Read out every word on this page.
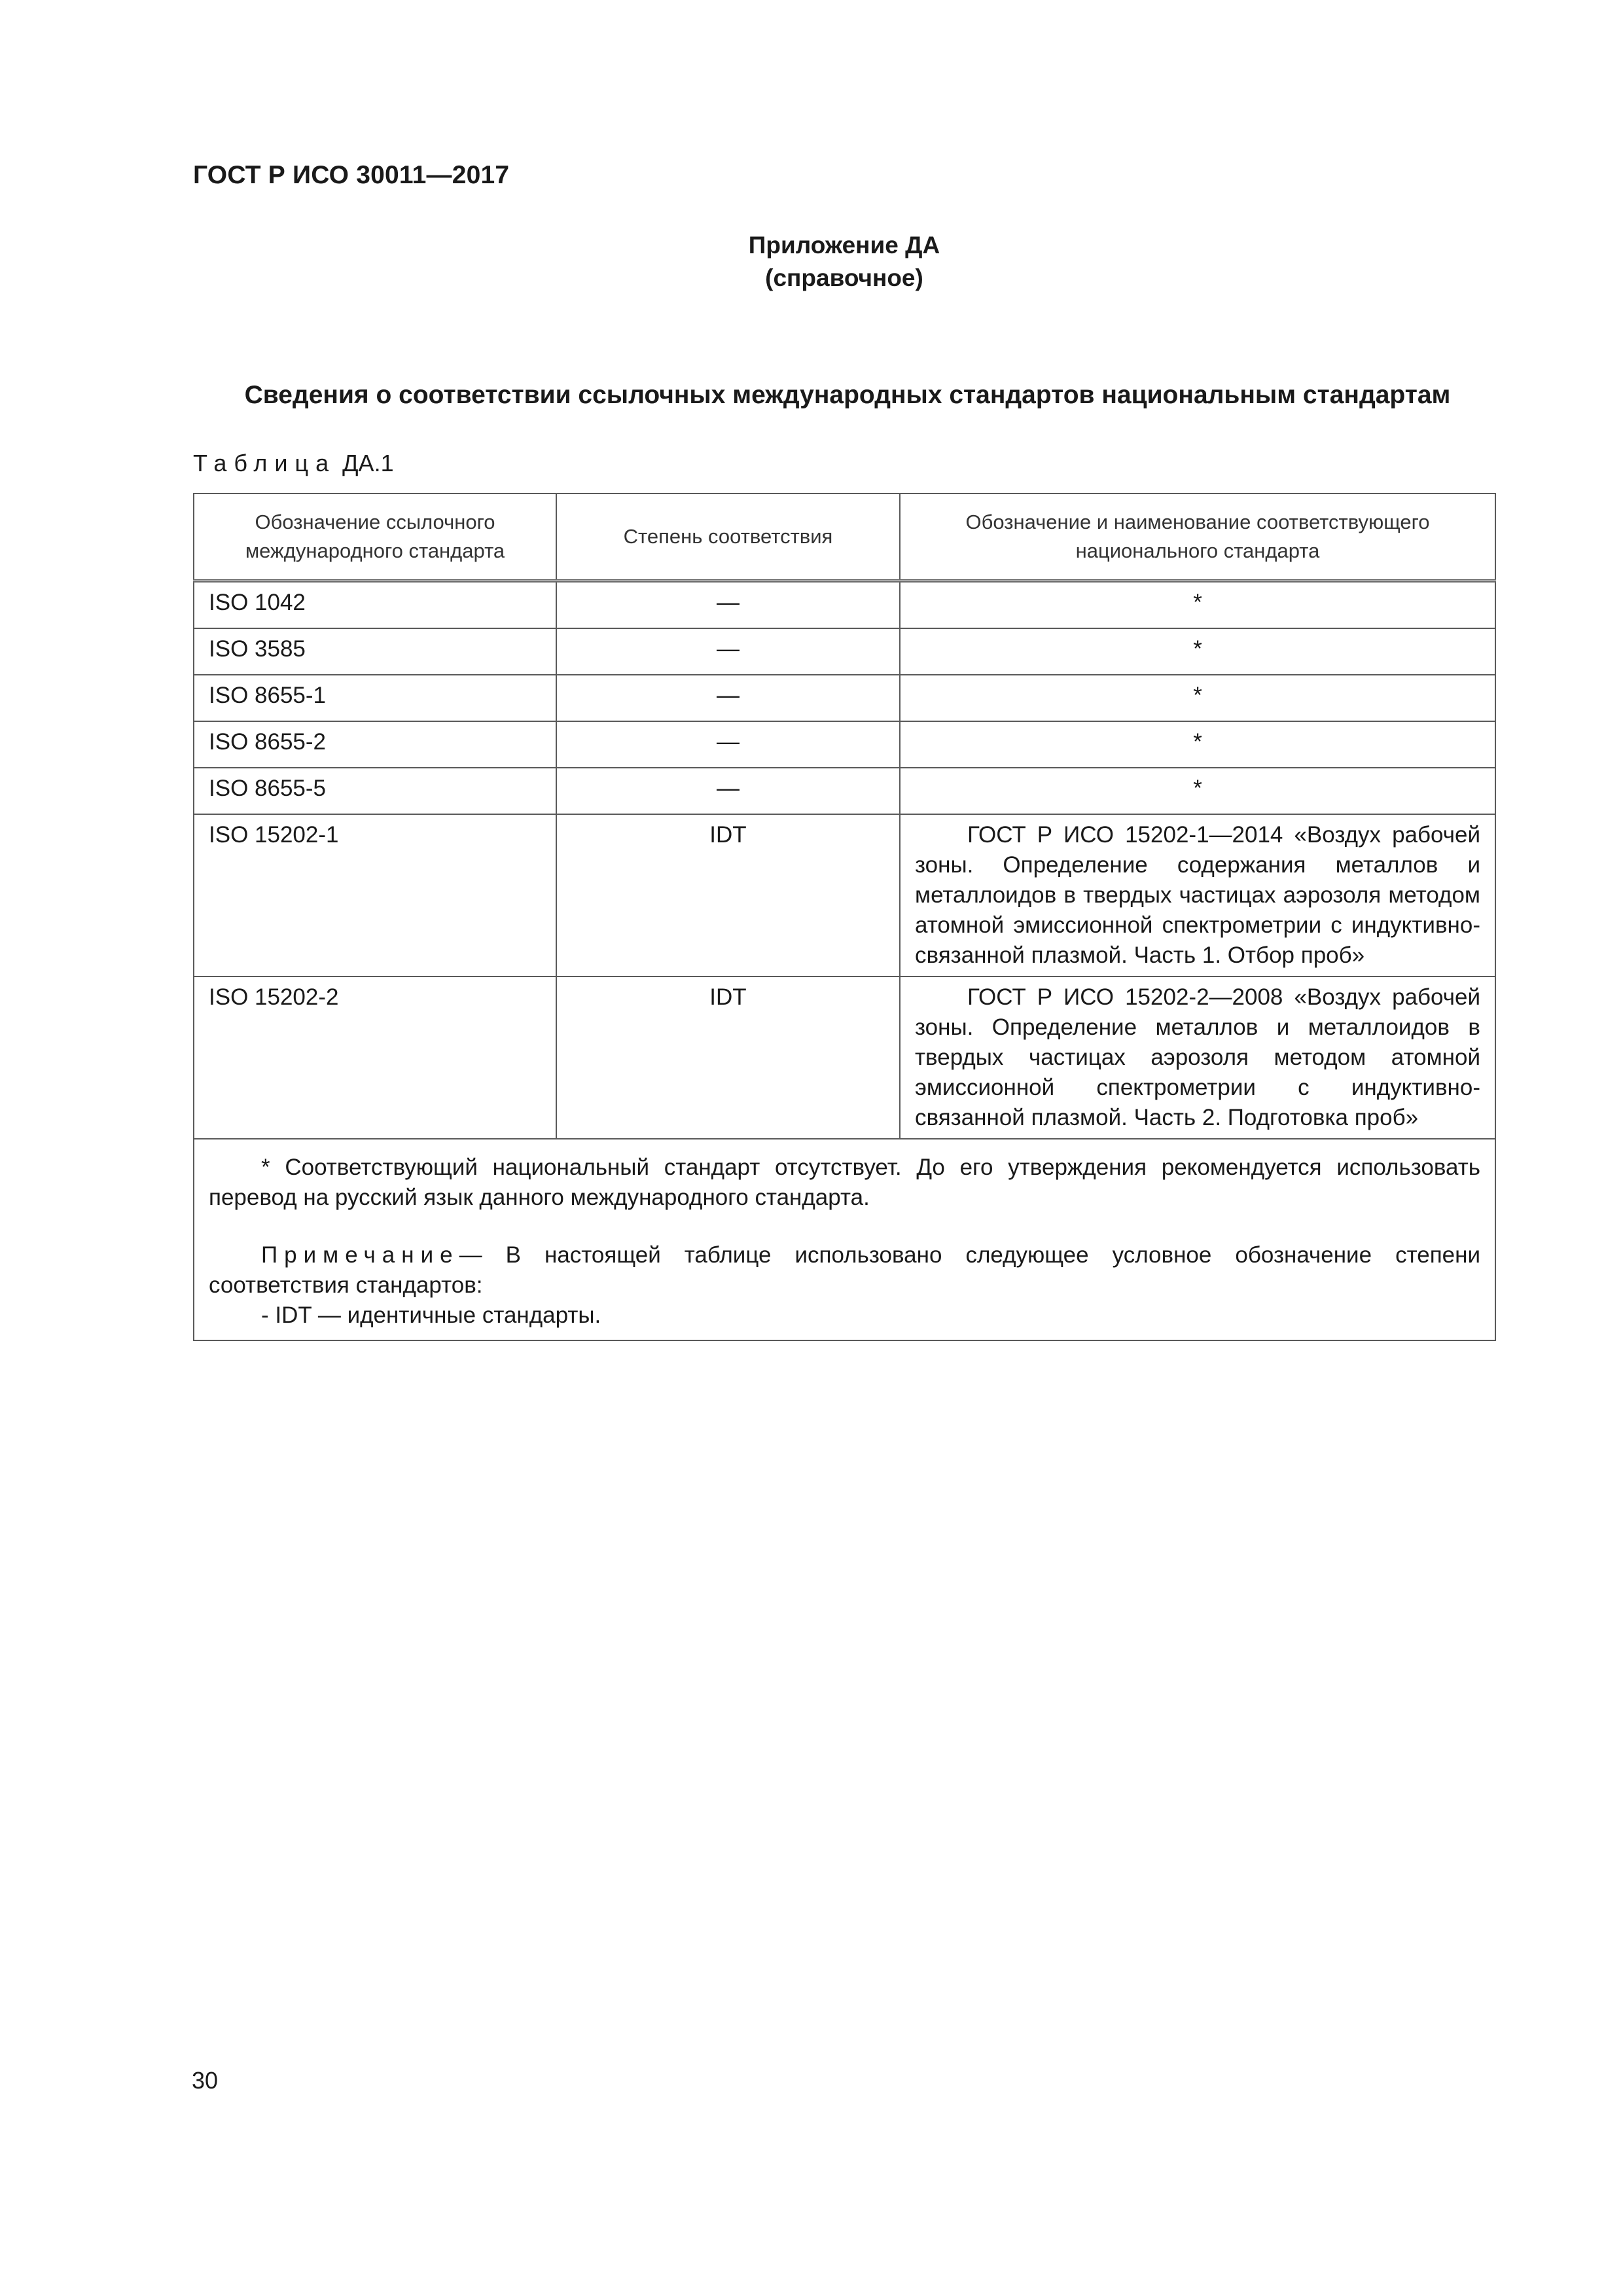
ГОСТ Р ИСО 30011—2017
Приложение ДА
(справочное)
Сведения о соответствии ссылочных международных стандартов национальным стандартам
Таблица ДА.1
Обозначение ссылочного международного стандарта	Степень соответствия	Обозначение и наименование соответствующего национального стандарта
ISO 1042	—	*
ISO 3585	—	*
ISO 8655-1	—	*
ISO 8655-2	—	*
ISO 8655-5	—	*
ISO 15202-1	IDT	ГОСТ Р ИСО 15202-1—2014 «Воздух рабочей зоны. Определение содержания металлов и металлоидов в твердых частицах аэрозоля методом атомной эмиссионной спектрометрии с индуктивно-связанной плазмой. Часть 1. Отбор проб»
ISO 15202-2	IDT	ГОСТ Р ИСО 15202-2—2008 «Воздух рабочей зоны. Определение металлов и металлоидов в твердых частицах аэрозоля методом атомной эмиссионной спектрометрии с индуктивно-связанной плазмой. Часть 2. Подготовка проб»

* Соответствующий национальный стандарт отсутствует. До его утверждения рекомендуется использовать перевод на русский язык данного международного стандарта.
Примечание— В настоящей таблице использовано следующее условное обозначение степени соответствия стандартов:
- IDT — идентичные стандарты.		
30
